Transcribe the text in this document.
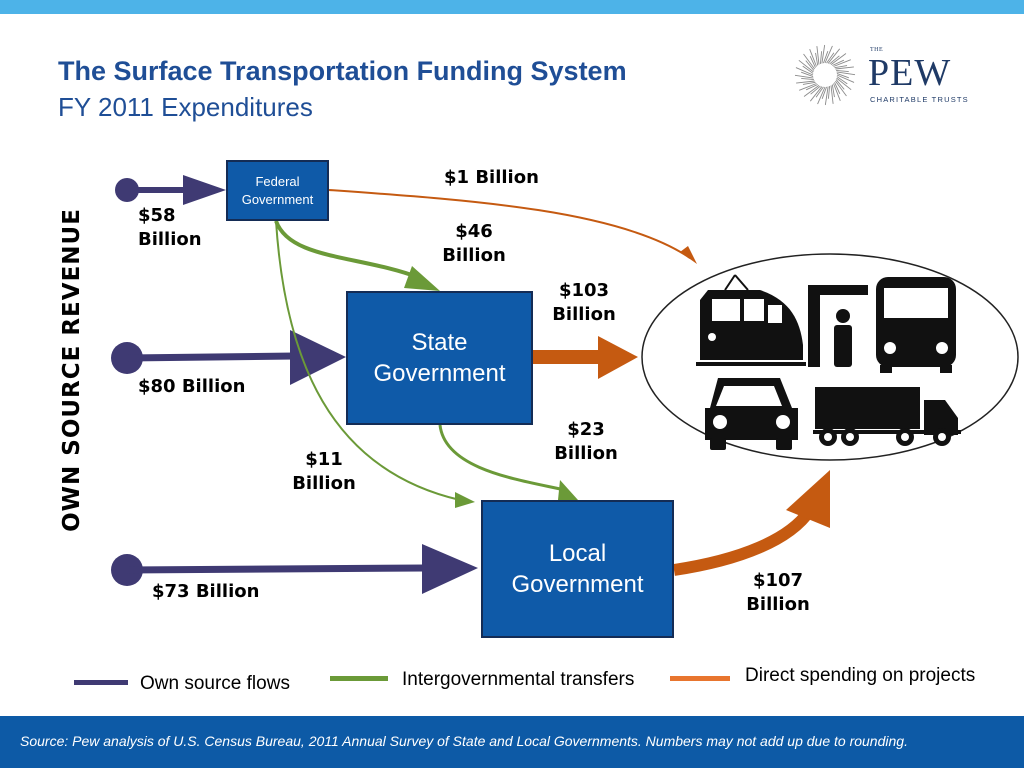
The Surface Transportation Funding System
FY 2011 Expenditures
THE
PEW
CHARITABLE TRUSTS
OWN SOURCE REVENUE
Federal
Government
State
Government
Local
Government
$58
Billion
$80 Billion
$73 Billion
$1 Billion
$46
Billion
$11
Billion
$103
Billion
$23
Billion
$107
Billion
Own source flows	Intergovernmental transfers	Direct spending on projects
Source: Pew analysis of U.S. Census Bureau, 2011 Annual Survey of State and Local Governments. Numbers may not add up due to rounding.
